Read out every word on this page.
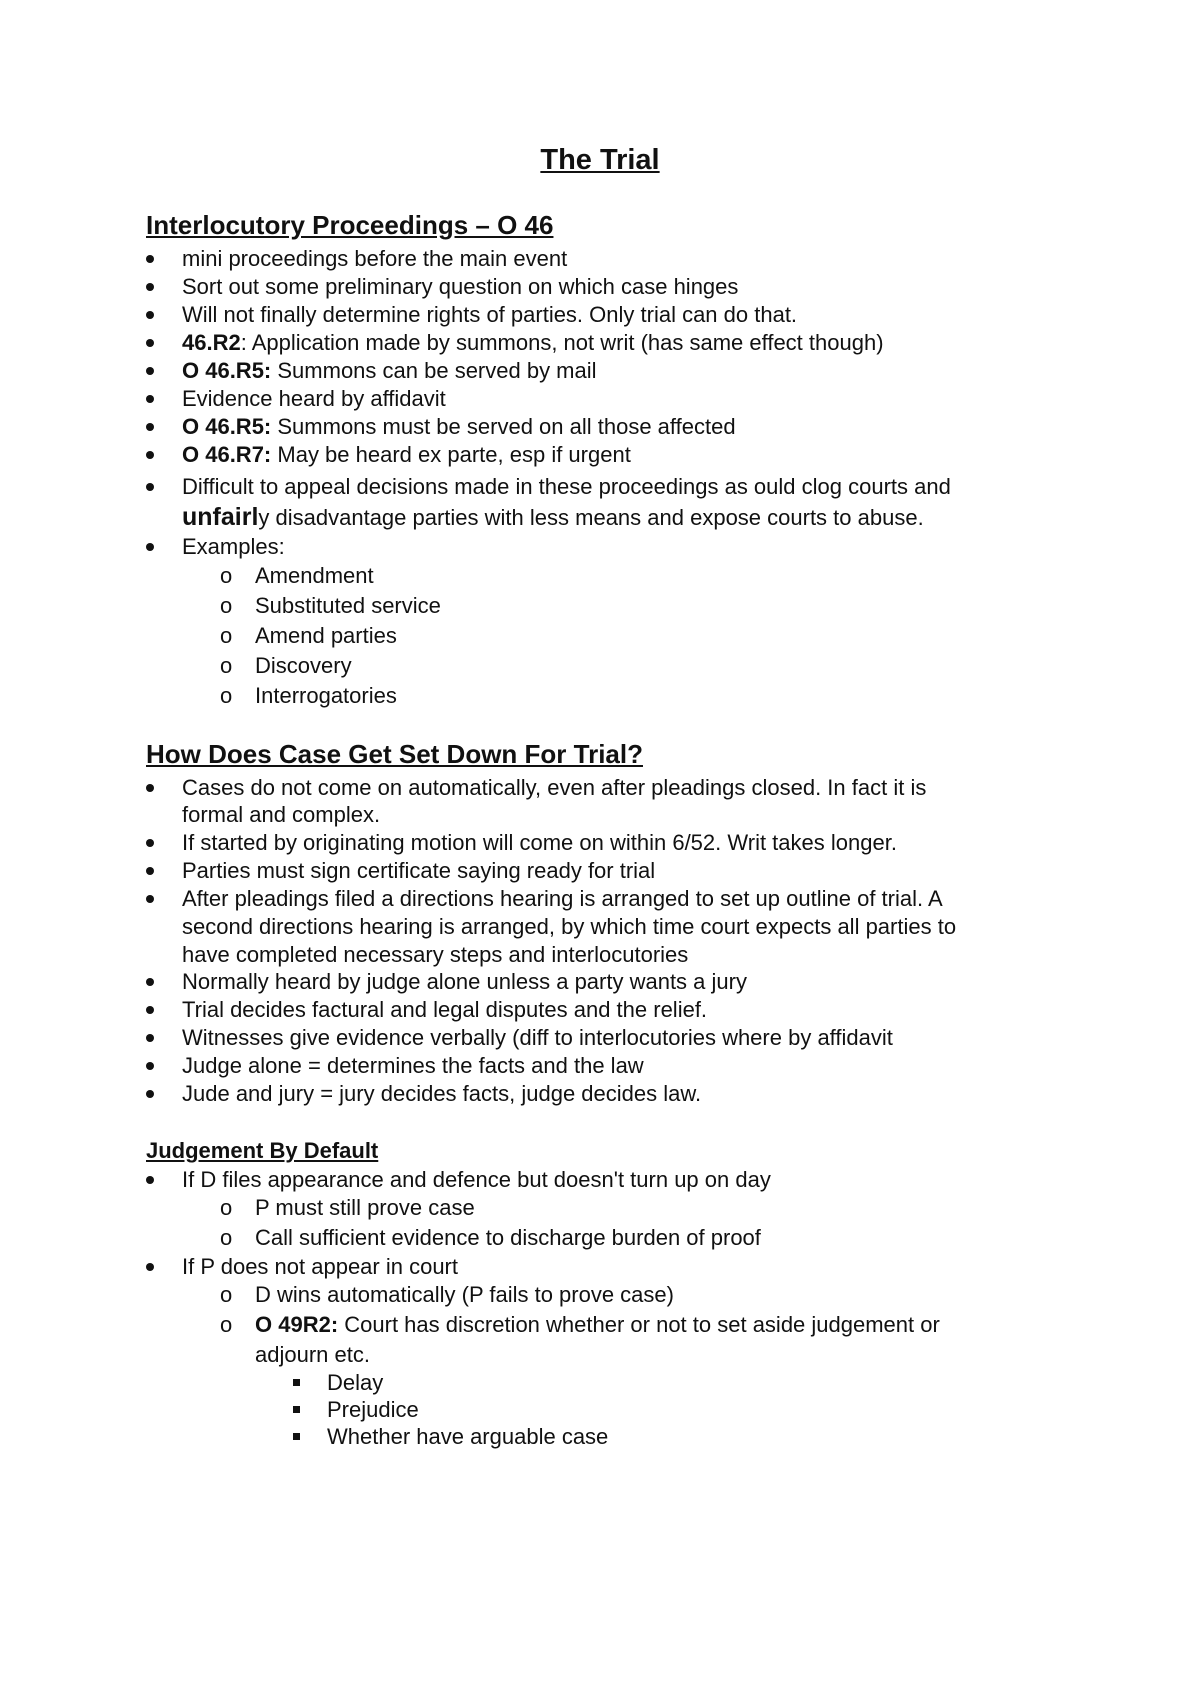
The Trial
Interlocutory Proceedings – O 46

mini proceedings before the main event

Sort out some preliminary question on which case hinges

Will not finally determine rights of parties. Only trial can do that.

46.R2: Application made by summons, not writ (has same effect though)

O 46.R5: Summons can be served by mail

Evidence heard by affidavit

O 46.R5: Summons must be served on all those affected

O 46.R7: May be heard ex parte, esp if urgent

Difficult to appeal decisions made in these proceedings as ould clog courts and

unfairly disadvantage parties with less means and expose courts to abuse.

Examples:

o Amendment

o Substituted service

o Amend parties

o Discovery

o Interrogatories

How Does Case Get Set Down For Trial?

Cases do not come on automatically, even after pleadings closed. In fact it is

formal and complex.

If started by originating motion will come on within 6/52. Writ takes longer.

Parties must sign certificate saying ready for trial

After pleadings filed a directions hearing is arranged to set up outline of trial. A

second directions hearing is arranged, by which time court expects all parties to

have completed necessary steps and interlocutories

Normally heard by judge alone unless a party wants a jury

Trial decides factural and legal disputes and the relief.

Witnesses give evidence verbally (diff to interlocutories where by affidavit

Judge alone = determines the facts and the law

Jude and jury = jury decides facts, judge decides law.

Judgement By Default

If D files appearance and defence but doesn't turn up on day

o P must still prove case

o Call sufficient evidence to discharge burden of proof

If P does not appear in court

o D wins automatically (P fails to prove case)

o O 49R2: Court has discretion whether or not to set aside judgement or

adjourn etc.

Delay

Prejudice

Whether have arguable case
